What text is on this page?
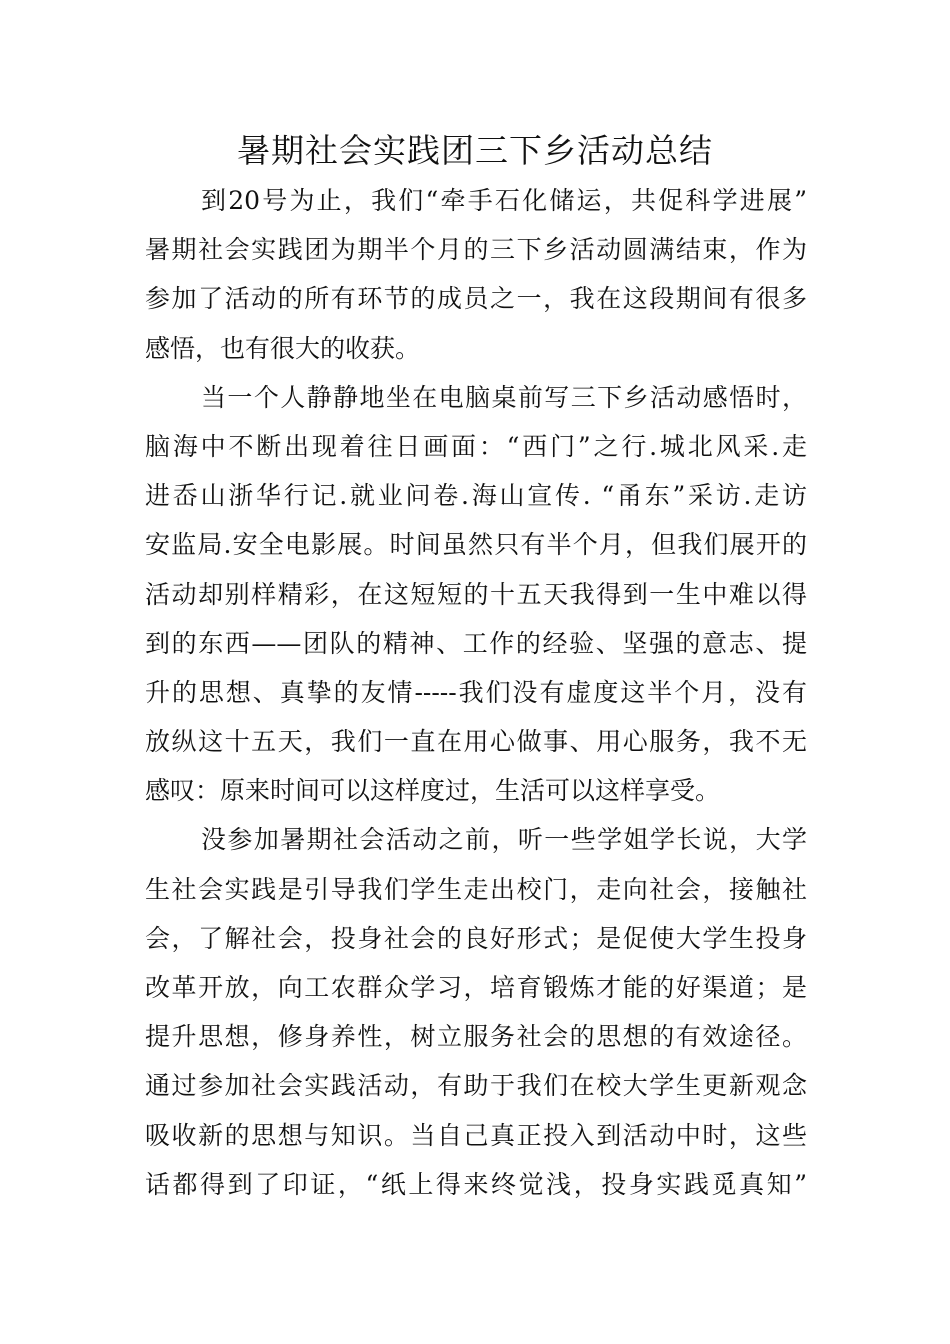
暑期社会实践团三下乡活动总结
到20号为止，我们“牵手石化储运，共促科学进展”
暑期社会实践团为期半个月的三下乡活动圆满结束，作为
参加了活动的所有环节的成员之一，我在这段期间有很多
感悟，也有很大的收获。
当一个人静静地坐在电脑桌前写三下乡活动感悟时，
脑海中不断出现着往日画面：“西门”之行.城北风采.走
进岙山浙华行记.就业问卷.海山宣传. “甬东”采访.走访
安监局.安全电影展。时间虽然只有半个月，但我们展开的
活动却别样精彩，在这短短的十五天我得到一生中难以得
到的东西——团队的精神、工作的经验、坚强的意志、提
升的思想、真挚的友情-----我们没有虚度这半个月，没有
放纵这十五天，我们一直在用心做事、用心服务，我不无
感叹：原来时间可以这样度过，生活可以这样享受。
没参加暑期社会活动之前，听一些学姐学长说，大学
生社会实践是引导我们学生走出校门，走向社会，接触社
会，了解社会，投身社会的良好形式；是促使大学生投身
改革开放，向工农群众学习，培育锻炼才能的好渠道；是
提升思想，修身养性，树立服务社会的思想的有效途径。
通过参加社会实践活动，有助于我们在校大学生更新观念
吸收新的思想与知识。当自己真正投入到活动中时，这些
话都得到了印证，“纸上得来终觉浅，投身实践觅真知”
